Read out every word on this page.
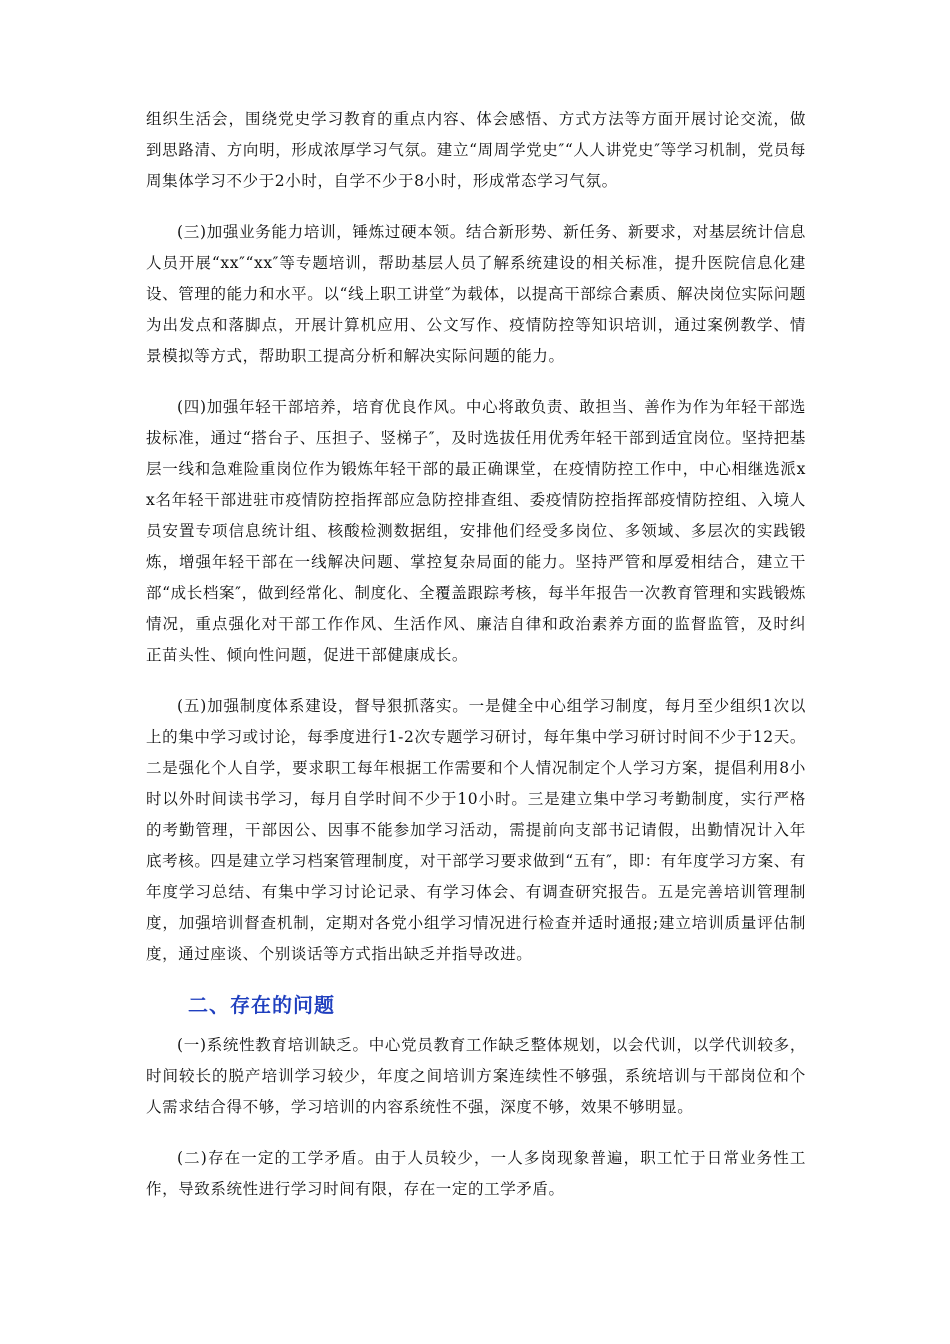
组织生活会，围绕党史学习教育的重点内容、体会感悟、方式方法等方面开展讨论交流，做到思路清、方向明，形成浓厚学习气氛。建立“周周学党史″“人人讲党史″等学习机制，党员每周集体学习不少于2小时，自学不少于8小时，形成常态学习气氛。

(三)加强业务能力培训，锤炼过硬本领。结合新形势、新任务、新要求，对基层统计信息人员开展“xx″“xx″等专题培训，帮助基层人员了解系统建设的相关标准，提升医院信息化建设、管理的能力和水平。以“线上职工讲堂″为载体，以提高干部综合素质、解决岗位实际问题为出发点和落脚点，开展计算机应用、公文写作、疫情防控等知识培训，通过案例教学、情景模拟等方式，帮助职工提高分析和解决实际问题的能力。

(四)加强年轻干部培养，培育优良作风。中心将敢负责、敢担当、善作为作为年轻干部选拔标准，通过“搭台子、压担子、竖梯子″，及时选拔任用优秀年轻干部到适宜岗位。坚持把基层一线和急难险重岗位作为锻炼年轻干部的最正确课堂，在疫情防控工作中，中心相继选派xx名年轻干部进驻市疫情防控指挥部应急防控排查组、委疫情防控指挥部疫情防控组、入境人员安置专项信息统计组、核酸检测数据组，安排他们经受多岗位、多领域、多层次的实践锻炼，增强年轻干部在一线解决问题、掌控复杂局面的能力。坚持严管和厚爱相结合，建立干部“成长档案″，做到经常化、制度化、全覆盖跟踪考核，每半年报告一次教育管理和实践锻炼情况，重点强化对干部工作作风、生活作风、廉洁自律和政治素养方面的监督监管，及时纠正苗头性、倾向性问题，促进干部健康成长。

(五)加强制度体系建设，督导狠抓落实。一是健全中心组学习制度，每月至少组织1次以上的集中学习或讨论，每季度进行1-2次专题学习研讨，每年集中学习研讨时间不少于12天。二是强化个人自学，要求职工每年根据工作需要和个人情况制定个人学习方案，提倡利用8小时以外时间读书学习，每月自学时间不少于10小时。三是建立集中学习考勤制度，实行严格的考勤管理，干部因公、因事不能参加学习活动，需提前向支部书记请假，出勤情况计入年底考核。四是建立学习档案管理制度，对干部学习要求做到“五有″，即：有年度学习方案、有年度学习总结、有集中学习讨论记录、有学习体会、有调查研究报告。五是完善培训管理制度，加强培训督查机制，定期对各党小组学习情况进行检查并适时通报;建立培训质量评估制度，通过座谈、个别谈话等方式指出缺乏并指导改进。

二、存在的问题

(一)系统性教育培训缺乏。中心党员教育工作缺乏整体规划，以会代训，以学代训较多，时间较长的脱产培训学习较少，年度之间培训方案连续性不够强，系统培训与干部岗位和个人需求结合得不够，学习培训的内容系统性不强，深度不够，效果不够明显。

(二)存在一定的工学矛盾。由于人员较少，一人多岗现象普遍，职工忙于日常业务性工作，导致系统性进行学习时间有限，存在一定的工学矛盾。
